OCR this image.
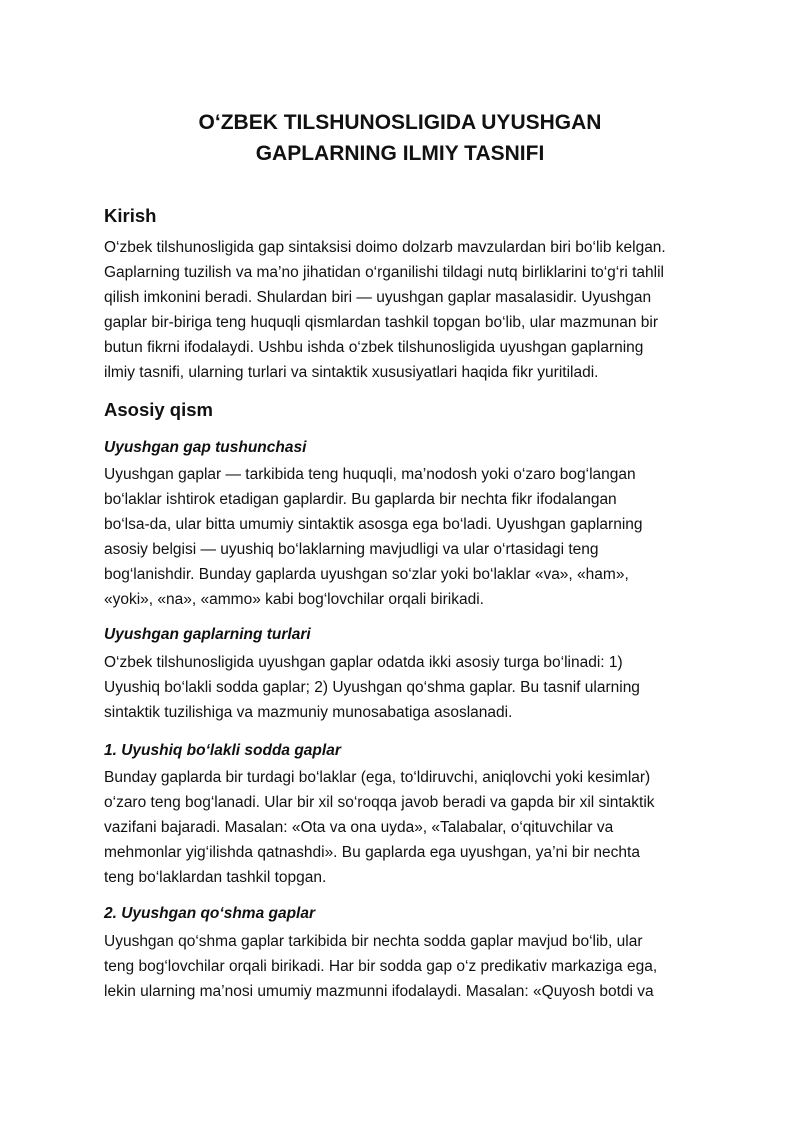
O‘ZBEK TILSHUNOSLIGIDA UYUSHGAN
GAPLARNING ILMIY TASNIFI
Kirish

O‘zbek tilshunosligida gap sintaksisi doimo dolzarb mavzulardan biri bo‘lib kelgan.
Gaplarning tuzilish va ma’no jihatidan o‘rganilishi tildagi nutq birliklarini to‘g‘ri tahlil
qilish imkonini beradi. Shulardan biri — uyushgan gaplar masalasidir. Uyushgan
gaplar bir-biriga teng huquqli qismlardan tashkil topgan bo‘lib, ular mazmunan bir
butun fikrni ifodalaydi. Ushbu ishda o‘zbek tilshunosligida uyushgan gaplarning
ilmiy tasnifi, ularning turlari va sintaktik xususiyatlari haqida fikr yuritiladi.

Asosiy qism
Uyushgan gap tushunchasi

Uyushgan gaplar — tarkibida teng huquqli, ma’nodosh yoki o‘zaro bog‘langan
bo‘laklar ishtirok etadigan gaplardir. Bu gaplarda bir nechta fikr ifodalangan
bo‘lsa-da, ular bitta umumiy sintaktik asosga ega bo‘ladi. Uyushgan gaplarning
asosiy belgisi — uyushiq bo‘laklarning mavjudligi va ular o‘rtasidagi teng
bog‘lanishdir. Bunday gaplarda uyushgan so‘zlar yoki bo‘laklar «va», «ham»,
«yoki», «na», «ammo» kabi bog‘lovchilar orqali birikadi.

Uyushgan gaplarning turlari

O‘zbek tilshunosligida uyushgan gaplar odatda ikki asosiy turga bo‘linadi: 1)
Uyushiq bo‘lakli sodda gaplar; 2) Uyushgan qo‘shma gaplar. Bu tasnif ularning
sintaktik tuzilishiga va mazmuniy munosabatiga asoslanadi.

1. Uyushiq bo‘lakli sodda gaplar

Bunday gaplarda bir turdagi bo‘laklar (ega, to‘ldiruvchi, aniqlovchi yoki kesimlar)
o‘zaro teng bog‘lanadi. Ular bir xil so‘roqqa javob beradi va gapda bir xil sintaktik
vazifani bajaradi. Masalan: «Ota va ona uyda», «Talabalar, o‘qituvchilar va
mehmonlar yig‘ilishda qatnashdi». Bu gaplarda ega uyushgan, ya’ni bir nechta
teng bo‘laklardan tashkil topgan.

2. Uyushgan qo‘shma gaplar

Uyushgan qo‘shma gaplar tarkibida bir nechta sodda gaplar mavjud bo‘lib, ular
teng bog‘lovchilar orqali birikadi. Har bir sodda gap o‘z predikativ markaziga ega,
lekin ularning ma’nosi umumiy mazmunni ifodalaydi. Masalan: «Quyosh botdi va
